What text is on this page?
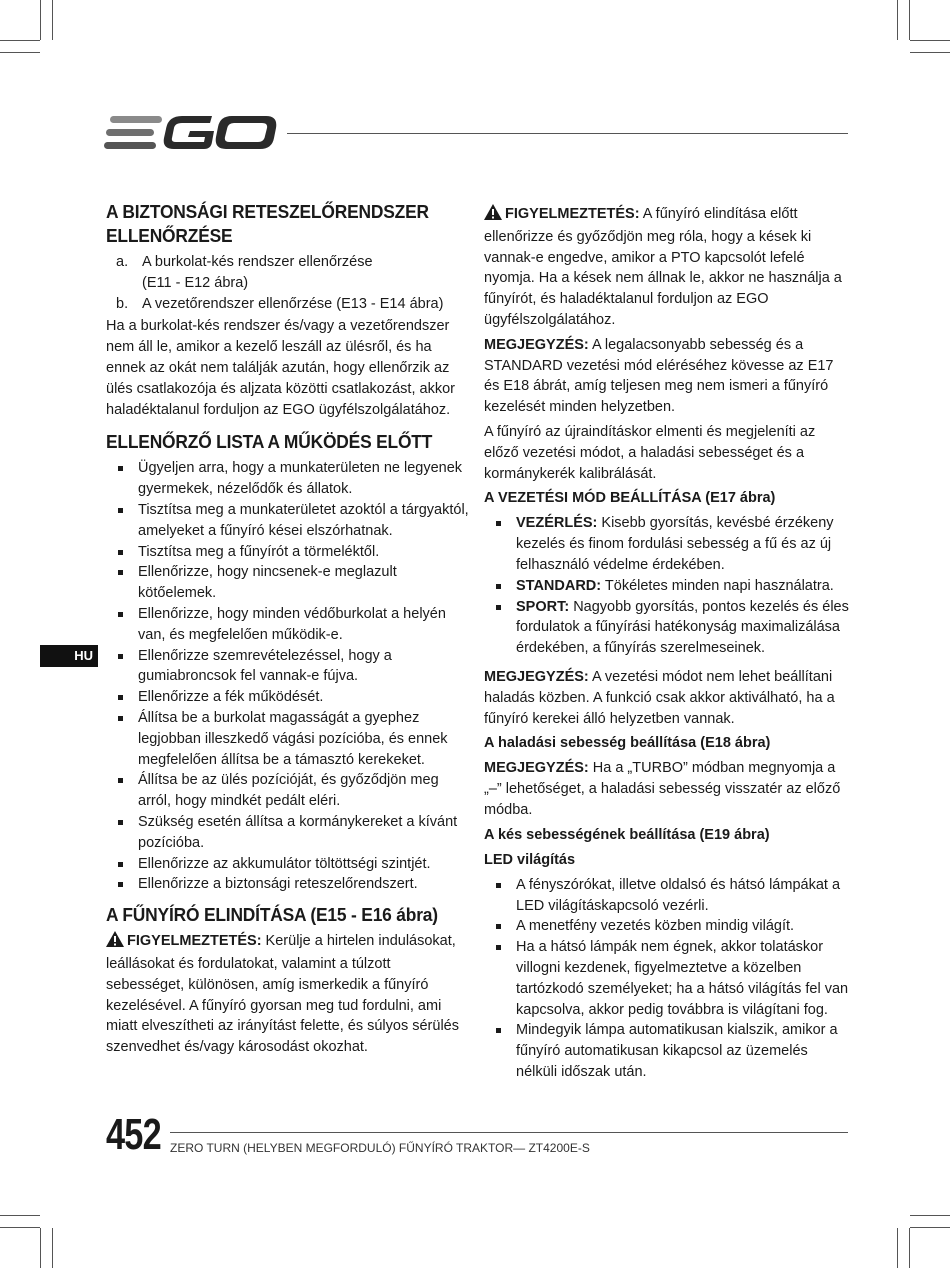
A BIZTONSÁGI RETESZELŐRENDSZER
ELLENŐRZÉSE
a. A burkolat-kés rendszer ellenőrzése
(E11 - E12 ábra)
b. A vezetőrendszer ellenőrzése (E13 - E14 ábra)

Ha a burkolat-kés rendszer és/vagy a vezetőrendszer nem áll le, amikor a kezelő leszáll az ülésről, és ha ennek az okát nem találják azután, hogy ellenőrzik az ülés csatlakozója és aljzata közötti csatlakozást, akkor haladéktalanul forduljon az EGO ügyfélszolgálatához.

ELLENŐRZŐ LISTA A MŰKÖDÉS ELŐTT
Ügyeljen arra, hogy a munkaterületen ne legyenek gyermekek, nézelődők és állatok.
Tisztítsa meg a munkaterületet azoktól a tárgyaktól, amelyeket a fűnyíró kései elszórhatnak.
Tisztítsa meg a fűnyírót a törmeléktől.
Ellenőrizze, hogy nincsenek-e meglazult kötőelemek.
Ellenőrizze, hogy minden védőburkolat a helyén van, és megfelelően működik-e.
Ellenőrizze szemrevételezéssel, hogy a gumiabroncsok fel vannak-e fújva.
Ellenőrizze a fék működését.
Állítsa be a burkolat magasságát a gyephez legjobban illeszkedő vágási pozícióba, és ennek megfelelően állítsa be a támasztó kerekeket.
Állítsa be az ülés pozícióját, és győződjön meg arról, hogy mindkét pedált eléri.
Szükség esetén állítsa a kormánykereket a kívánt pozícióba.
Ellenőrizze az akkumulátor töltöttségi szintjét.
Ellenőrizze a biztonsági reteszelőrendszert.
A FŰNYÍRÓ ELINDÍTÁSA (E15 - E16 ábra)

FIGYELMEZTETÉS: Kerülje a hirtelen indulásokat, leállásokat és fordulatokat, valamint a túlzott sebességet, különösen, amíg ismerkedik a fűnyíró kezelésével. A fűnyíró gyorsan meg tud fordulni, ami miatt elveszítheti az irányítást felette, és súlyos sérülés szenvedhet és/vagy károsodást okozhat.

FIGYELMEZTETÉS: A fűnyíró elindítása előtt ellenőrizze és győződjön meg róla, hogy a kések ki vannak-e engedve, amikor a PTO kapcsolót lefelé nyomja. Ha a kések nem állnak le, akkor ne használja a fűnyírót, és haladéktalanul forduljon az EGO ügyfélszolgálatához.

MEGJEGYZÉS: A legalacsonyabb sebesség és a STANDARD vezetési mód eléréséhez kövesse az E17 és E18 ábrát, amíg teljesen meg nem ismeri a fűnyíró kezelését minden helyzetben.

A fűnyíró az újraindításkor elmenti és megjeleníti az előző vezetési módot, a haladási sebességet és a kormánykerék kalibrálását.

A VEZETÉSI MÓD BEÁLLÍTÁSA (E17 ábra)
VEZÉRLÉS: Kisebb gyorsítás, kevésbé érzékeny kezelés és finom fordulási sebesség a fű és az új felhasználó védelme érdekében.
STANDARD: Tökéletes minden napi használatra.
SPORT: Nagyobb gyorsítás, pontos kezelés és éles fordulatok a fűnyírási hatékonyság maximalizálása érdekében, a fűnyírás szerelmeseinek.

MEGJEGYZÉS: A vezetési módot nem lehet beállítani haladás közben. A funkció csak akkor aktiválható, ha a fűnyíró kerekei álló helyzetben vannak.

A haladási sebesség beállítása (E18 ábra)

MEGJEGYZÉS: Ha a „TURBO” módban megnyomja a „–” lehetőséget, a haladási sebesség visszatér az előző módba.

A kés sebességének beállítása (E19 ábra)
LED világítás
A fényszórókat, illetve oldalsó és hátsó lámpákat a LED világításkapcsoló vezérli.
A menetfény vezetés közben mindig világít.
Ha a hátsó lámpák nem égnek, akkor tolatáskor villogni kezdenek, figyelmeztetve a közelben tartózkodó személyeket; ha a hátsó világítás fel van kapcsolva, akkor pedig továbbra is világítani fog.
Mindegyik lámpa automatikusan kialszik, amikor a fűnyíró automatikusan kikapcsol az üzemelés nélküli időszak után.
HU
452 ZERO TURN (HELYBEN MEGFORDULÓ) FŰNYÍRÓ TRAKTOR— ZT4200E-S
